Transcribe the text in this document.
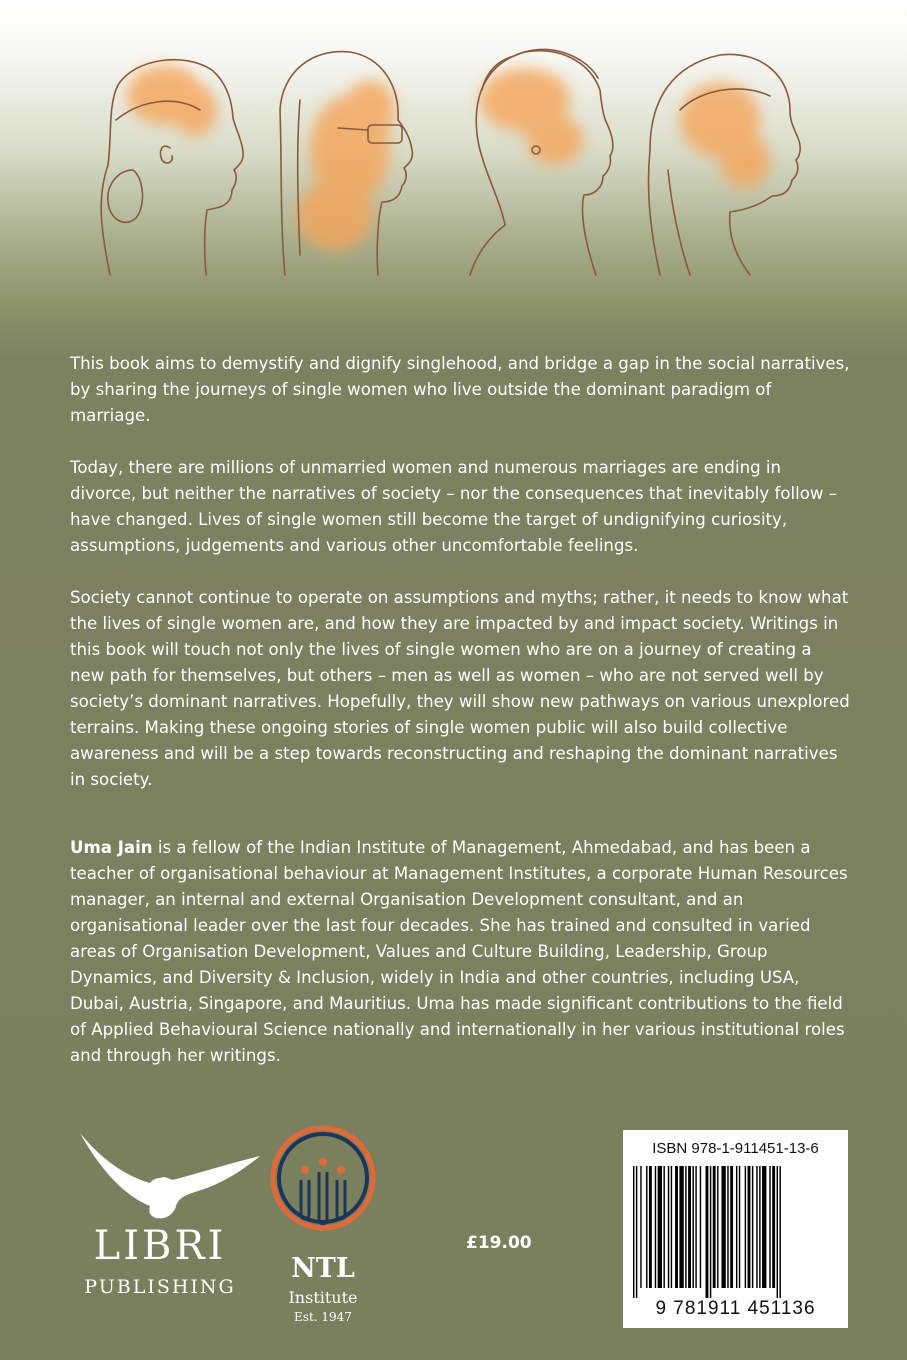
This book aims to demystify and dignify singlehood, and bridge a gap in the social narratives, by sharing the journeys of single women who live outside the dominant paradigm of marriage.

Today, there are millions of unmarried women and numerous marriages are ending in divorce, but neither the narratives of society – nor the consequences that inevitably follow – have changed. Lives of single women still become the target of undignifying curiosity, assumptions, judgements and various other uncomfortable feelings.

Society cannot continue to operate on assumptions and myths; rather, it needs to know what the lives of single women are, and how they are impacted by and impact society. Writings in this book will touch not only the lives of single women who are on a journey of creating a new path for themselves, but others – men as well as women – who are not served well by society’s dominant narratives. Hopefully, they will show new pathways on various unexplored terrains. Making these ongoing stories of single women public will also build collective awareness and will be a step towards reconstructing and reshaping the dominant narratives in society.

Uma Jain is a fellow of the Indian Institute of Management, Ahmedabad, and has been a teacher of organisational behaviour at Management Institutes, a corporate Human Resources manager, an internal and external Organisation Development consultant, and an organisational leader over the last four decades. She has trained and consulted in varied areas of Organisation Development, Values and Culture Building, Leadership, Group Dynamics, and Diversity & Inclusion, widely in India and other countries, including USA, Dubai, Austria, Singapore, and Mauritius. Uma has made significant contributions to the field of Applied Behavioural Science nationally and internationally in her various institutional roles and through her writings.

LIBRI
PUBLISHING
NTL
Institute
Est. 1947
£19.00
ISBN 978-1-911451-13-6
9 781911 451136
